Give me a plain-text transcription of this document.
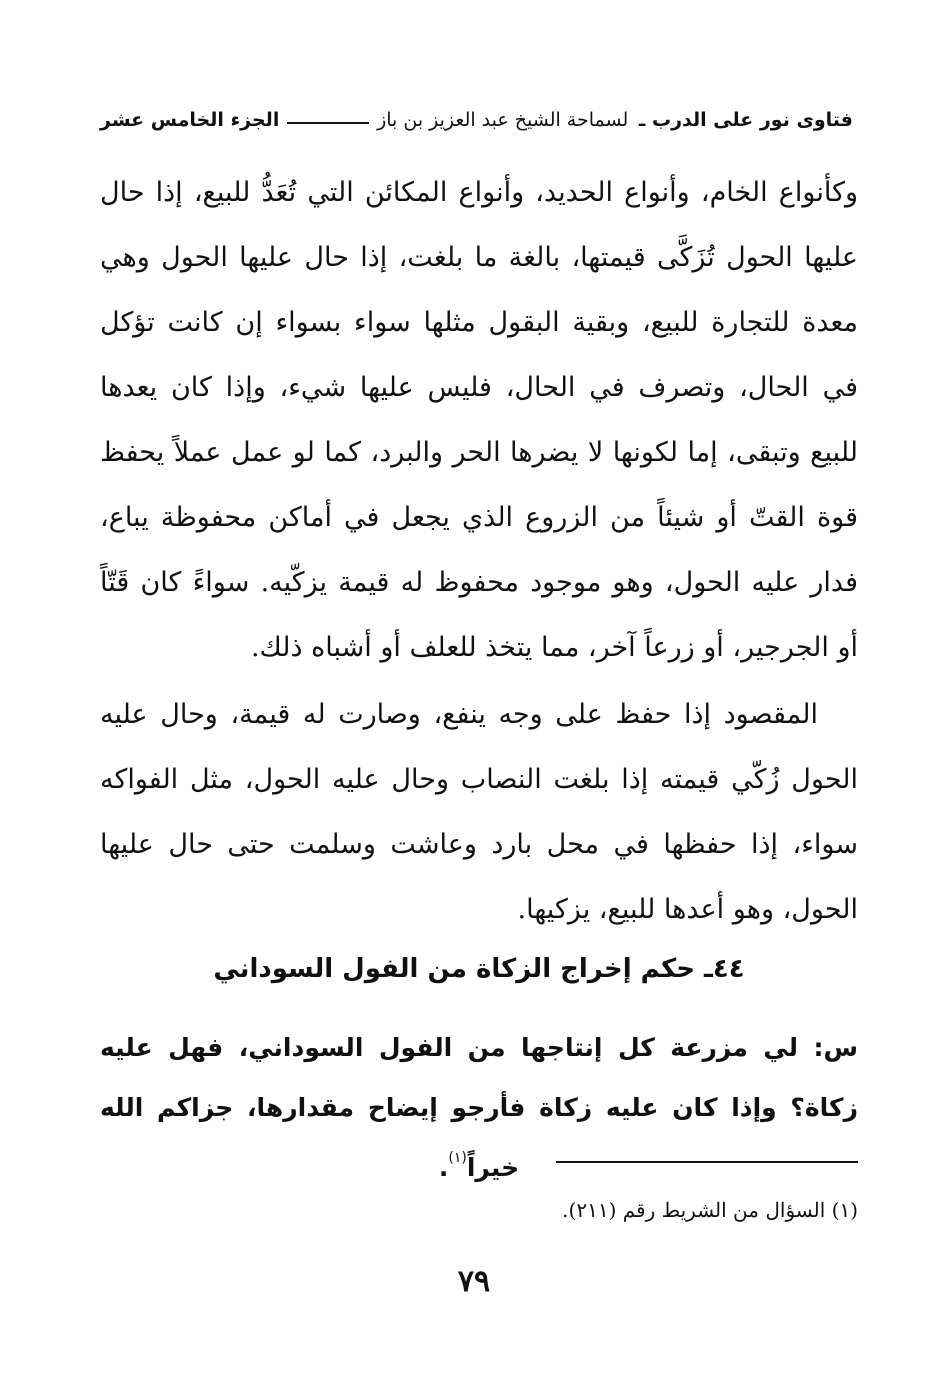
فتاوى نور على الدرب ـ لسماحة الشيخ عبد العزيز بن باز
الجزء الخامس عشر

وكأنواع الخام، وأنواع الحديد، وأنواع المكائن التي تُعَدُّ للبيع، إذا حال عليها الحول تُزَكَّى قيمتها، بالغة ما بلغت، إذا حال عليها الحول وهي معدة للتجارة للبيع، وبقية البقول مثلها سواء بسواء إن كانت تؤكل في الحال، وتصرف في الحال، فليس عليها شيء، وإذا كان يعدها للبيع وتبقى، إما لكونها لا يضرها الحر والبرد، كما لو عمل عملاً يحفظ قوة القتّ أو شيئاً من الزروع الذي يجعل في أماكن محفوظة يباع، فدار عليه الحول، وهو موجود محفوظ له قيمة يزكّيه. سواءً كان قَتّاً أو الجرجير، أو زرعاً آخر، مما يتخذ للعلف أو أشباه ذلك.

المقصود إذا حفظ على وجه ينفع، وصارت له قيمة، وحال عليه الحول زُكّي قيمته إذا بلغت النصاب وحال عليه الحول، مثل الفواكه سواء، إذا حفظها في محل بارد وعاشت وسلمت حتى حال عليها الحول، وهو أعدها للبيع، يزكيها.

٤٤ـ حكم إخراج الزكاة من الفول السوداني
س: لي مزرعة كل إنتاجها من الفول السوداني، فهل عليه زكاة؟ وإذا كان عليه زكاة فأرجو إيضاح مقدارها، جزاكم الله خيراً$^{(١)}$.
(١) السؤال من الشريط رقم (٢١١).
٧٩
